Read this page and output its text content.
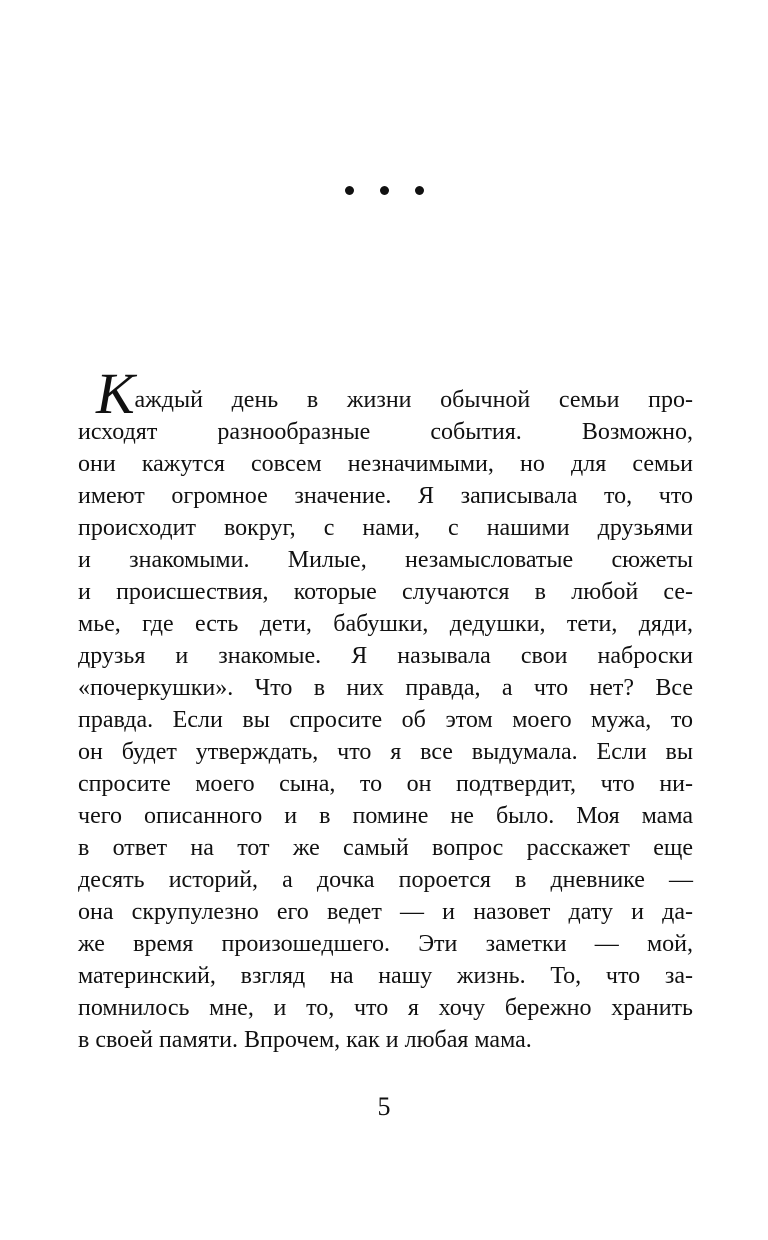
Каждый день в жизни обычной семьи про-
исходят разнообразные события. Возможно,
они кажутся совсем незначимыми, но для семьи
имеют огромное значение. Я записывала то, что
происходит вокруг, с нами, с нашими друзьями
и знакомыми. Милые, незамысловатые сюжеты
и происшествия, которые случаются в любой се-
мье, где есть дети, бабушки, дедушки, тети, дяди,
друзья и знакомые. Я называла свои наброски
«почеркушки». Что в них правда, а что нет? Все
правда. Если вы спросите об этом моего мужа, то
он будет утверждать, что я все выдумала. Если вы
спросите моего сына, то он подтвердит, что ни-
чего описанного и в помине не было. Моя мама
в ответ на тот же самый вопрос расскажет еще
десять историй, а дочка пороется в дневнике —
она скрупулезно его ведет — и назовет дату и да-
же время произошедшего. Эти заметки — мой,
материнский, взгляд на нашу жизнь. То, что за-
помнилось мне, и то, что я хочу бережно хранить
в своей памяти. Впрочем, как и любая мама.

5
